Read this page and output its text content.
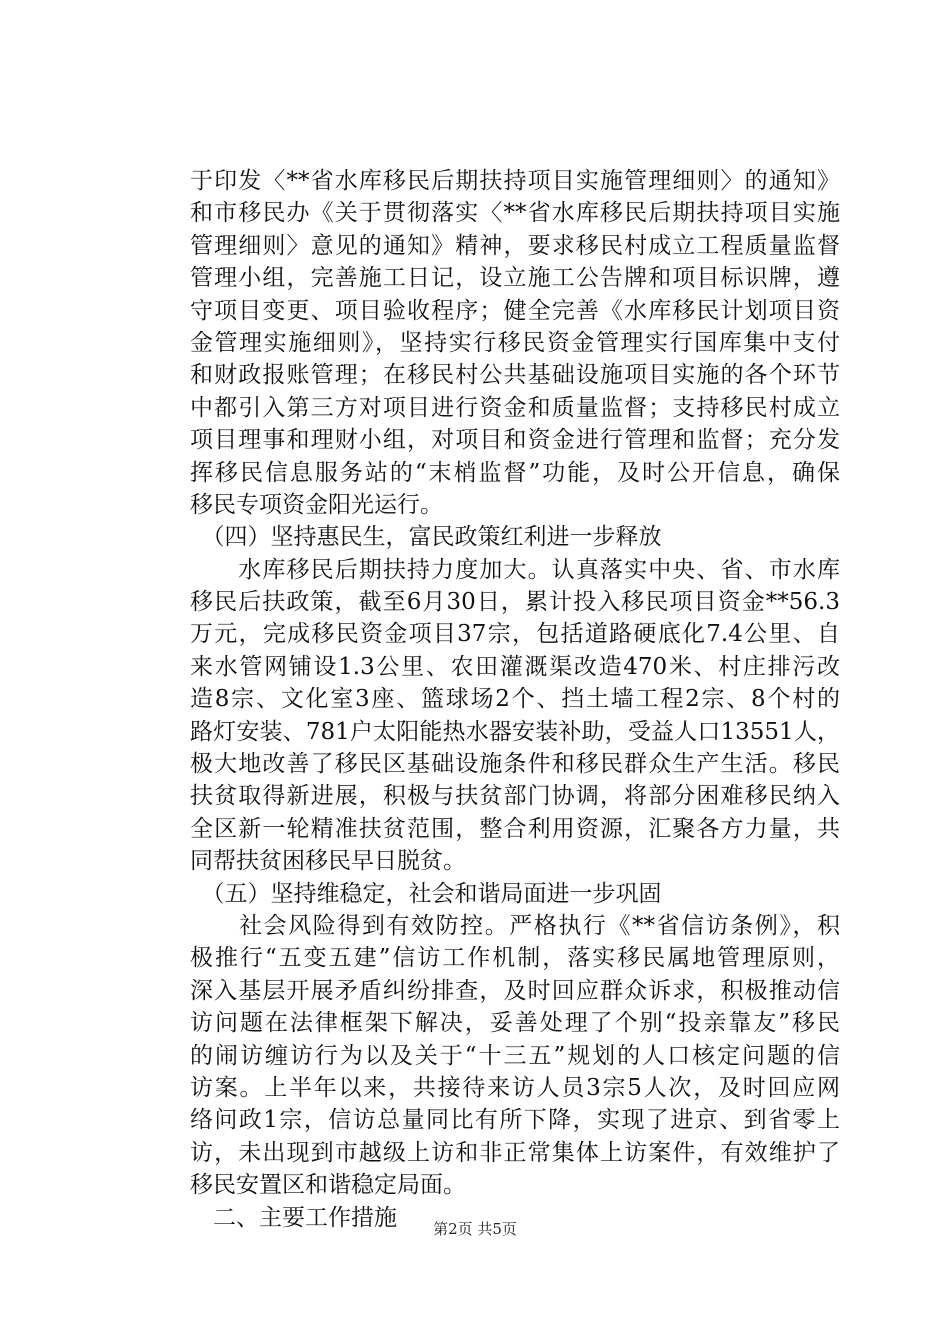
于印发〈**省水库移民后期扶持项目实施管理细则〉的通知》
和市移民办《关于贯彻落实〈**省水库移民后期扶持项目实施
管理细则〉意见的通知》精神，要求移民村成立工程质量监督
管理小组，完善施工日记，设立施工公告牌和项目标识牌，遵
守项目变更、项目验收程序；健全完善《水库移民计划项目资
金管理实施细则》，坚持实行移民资金管理实行国库集中支付
和财政报账管理；在移民村公共基础设施项目实施的各个环节
中都引入第三方对项目进行资金和质量监督；支持移民村成立
项目理事和理财小组，对项目和资金进行管理和监督；充分发
挥移民信息服务站的“末梢监督”功能，及时公开信息，确保
移民专项资金阳光运行。
　（四）坚持惠民生，富民政策红利进一步释放
　　水库移民后期扶持力度加大。认真落实中央、省、市水库
移民后扶政策，截至6月30日，累计投入移民项目资金**56.3
万元，完成移民资金项目37宗，包括道路硬底化7.4公里、自
来水管网铺设1.3公里、农田灌溉渠改造470米、村庄排污改
造8宗、文化室3座、篮球场2个、挡土墙工程2宗、8个村的
路灯安装、781户太阳能热水器安装补助，受益人口13551人，
极大地改善了移民区基础设施条件和移民群众生产生活。移民
扶贫取得新进展，积极与扶贫部门协调，将部分困难移民纳入
全区新一轮精准扶贫范围，整合利用资源，汇聚各方力量，共
同帮扶贫困移民早日脱贫。
　（五）坚持维稳定，社会和谐局面进一步巩固
　　社会风险得到有效防控。严格执行《**省信访条例》，积
极推行“五变五建”信访工作机制，落实移民属地管理原则，
深入基层开展矛盾纠纷排查，及时回应群众诉求，积极推动信
访问题在法律框架下解决，妥善处理了个别“投亲靠友”移民
的闹访缠访行为以及关于“十三五”规划的人口核定问题的信
访案。上半年以来，共接待来访人员3宗5人次，及时回应网
络问政1宗，信访总量同比有所下降，实现了进京、到省零上
访，未出现到市越级上访和非正常集体上访案件，有效维护了
移民安置区和谐稳定局面。
　二、主要工作措施	第2页 共5页
